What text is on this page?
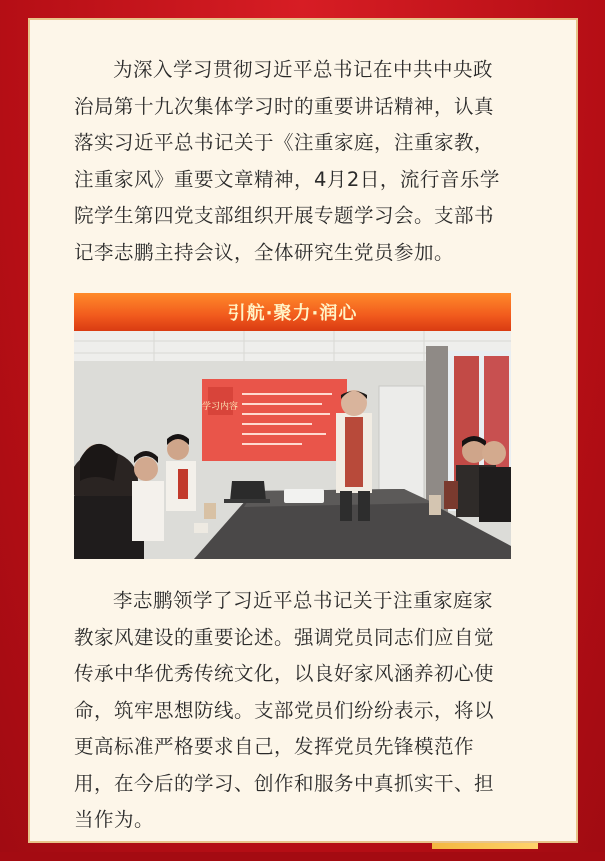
为深入学习贯彻习近平总书记在中共中央政治局第十九次集体学习时的重要讲话精神，认真落实习近平总书记关于《注重家庭，注重家教，注重家风》重要文章精神，4月2日，流行音乐学院学生第四党支部组织开展专题学习会。支部书记李志鹏主持会议，全体研究生党员参加。

引航·聚力·润心
学习内容

李志鹏领学了习近平总书记关于注重家庭家教家风建设的重要论述。强调党员同志们应自觉传承中华优秀传统文化，以良好家风涵养初心使命，筑牢思想防线。支部党员们纷纷表示，将以更高标准严格要求自己，发挥党员先锋模范作用，在今后的学习、创作和服务中真抓实干、担当作为。
